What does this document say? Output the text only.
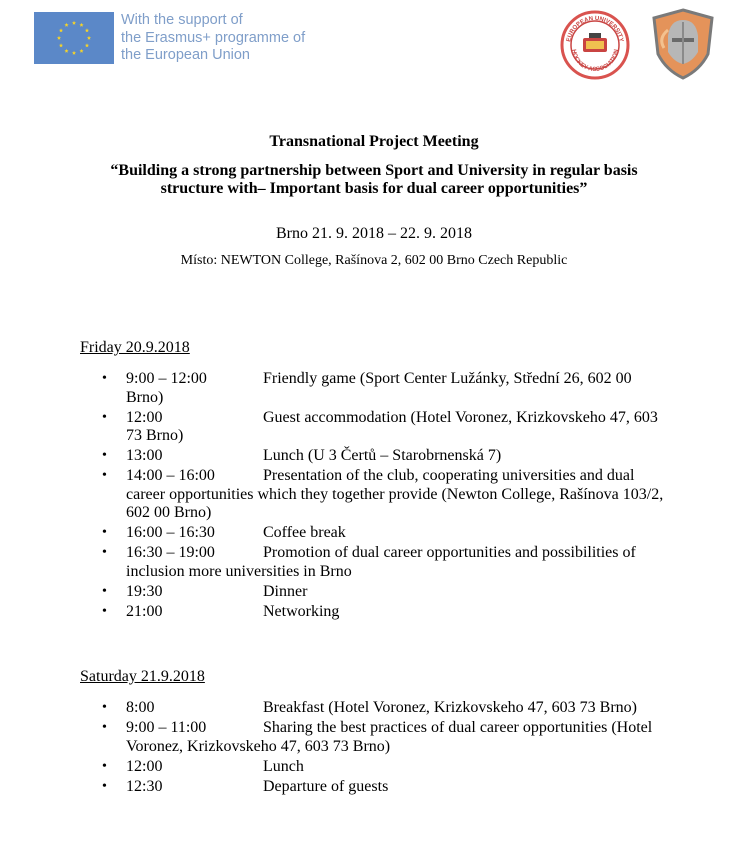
With the support of
the Erasmus+ programme of
the European Union
EUROPEAN UNIVERSITY
HOCKEY ASSOCIATION
Transnational Project Meeting
“Building a strong partnership between Sport and University in regular basis
structure with– Important basis for dual career opportunities”
Brno 21. 9. 2018 – 22. 9. 2018
Místo: NEWTON College, Rašínova 2, 602 00 Brno Czech Republic
Friday 20.9.2018
• 9:00 – 12:00	Friendly game (Sport Center Lužánky, Střední 26, 602 00 Brno)
• 12:00	Guest accommodation (Hotel Voronez, Krizkovskeho 47, 603 73 Brno)
• 13:00	Lunch (U 3 Čertů – Starobrnenská 7)
• 14:00 – 16:00	Presentation of the club, cooperating universities and dual career opportunities which they together provide (Newton College, Rašínova 103/2, 602 00 Brno)
• 16:00 – 16:30	Coffee break
• 16:30 – 19:00	Promotion of dual career opportunities and possibilities of inclusion more universities in Brno
• 19:30	Dinner
• 21:00	Networking
Saturday 21.9.2018
• 8:00	Breakfast (Hotel Voronez, Krizkovskeho 47, 603 73 Brno)
• 9:00 – 11:00	Sharing the best practices of dual career opportunities (Hotel Voronez, Krizkovskeho 47, 603 73 Brno)
• 12:00	Lunch
• 12:30	Departure of guests
